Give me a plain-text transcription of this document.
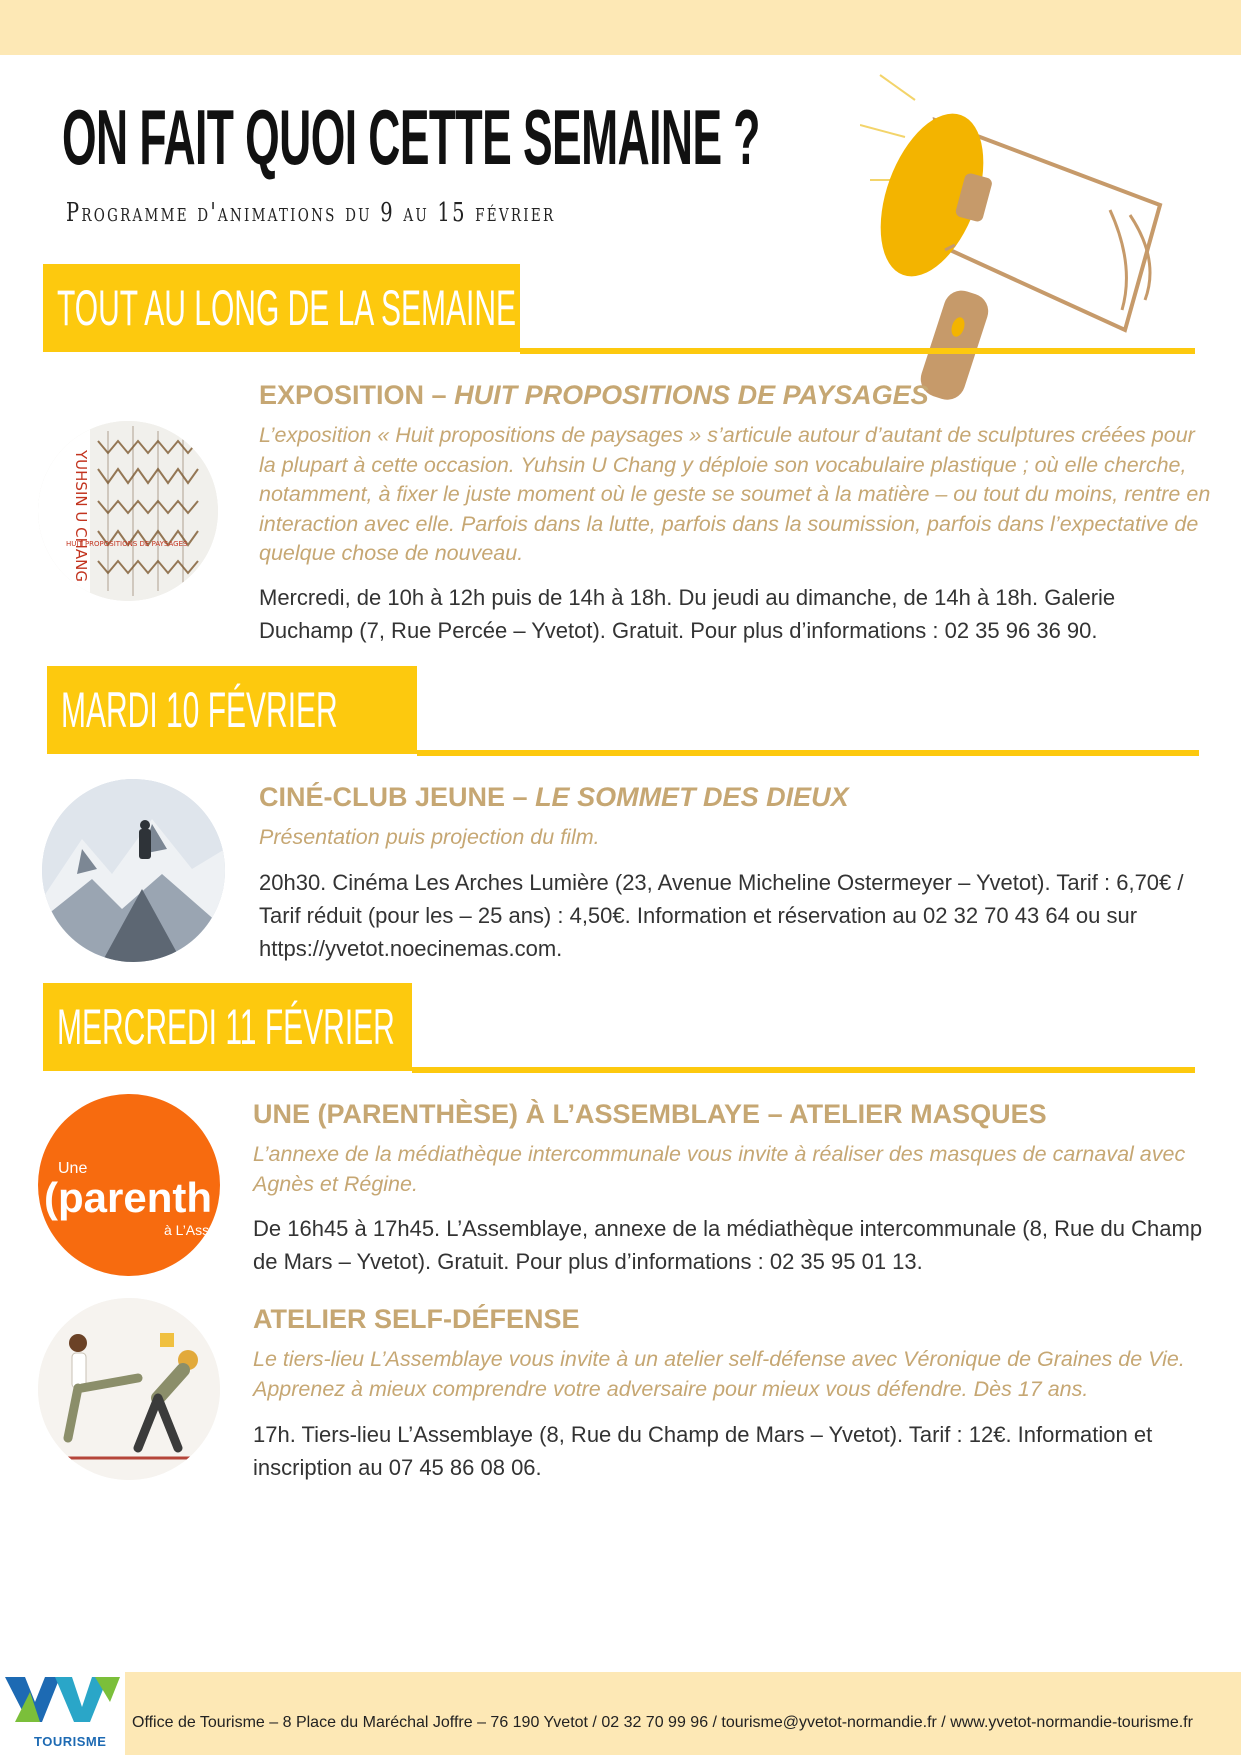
ON FAIT QUOI CETTE SEMAINE ?
Programme d'animations du 9 au 15 février
TOUT AU LONG DE LA SEMAINE
YUHSIN U CHANG
HUIT PROPOSITIONS DE PAYSAGES
EXPOSITION – HUIT PROPOSITIONS DE PAYSAGES
L’exposition « Huit propositions de paysages » s’articule autour d’autant de sculptures créées pour la plupart à cette occasion. Yuhsin U Chang y déploie son vocabulaire plastique ; où elle cherche, notamment, à fixer le juste moment où le geste se soumet à la matière – ou tout du moins, rentre en interaction avec elle. Parfois dans la lutte, parfois dans la soumission, parfois dans l’expectative de quelque chose de nouveau.
Mercredi, de 10h à 12h puis de 14h à 18h. Du jeudi au dimanche, de 14h à 18h. Galerie Duchamp (7, Rue Percée – Yvetot). Gratuit. Pour plus d’informations : 02 35 96 36 90.
MARDI 10 FÉVRIER
CINÉ-CLUB JEUNE – LE SOMMET DES DIEUX
Présentation puis projection du film.
20h30. Cinéma Les Arches Lumière (23, Avenue Micheline Ostermeyer – Yvetot). Tarif : 6,70€ / Tarif réduit (pour les – 25 ans) : 4,50€. Information et réservation au 02 32 70 43 64 ou sur https://yvetot.noecinemas.com.
MERCREDI 11 FÉVRIER
Une
(parenth
à L’Ass
UNE (PARENTHÈSE) À L’ASSEMBLAYE – ATELIER MASQUES
L’annexe de la médiathèque intercommunale vous invite à réaliser des masques de carnaval avec Agnès et Régine.
De 16h45 à 17h45. L’Assemblaye, annexe de la médiathèque intercommunale (8, Rue du Champ de Mars – Yvetot). Gratuit. Pour plus d’informations : 02 35 95 01 13.
ATELIER SELF-DÉFENSE
Le tiers-lieu L’Assemblaye vous invite à un atelier self-défense avec Véronique de Graines de Vie. Apprenez à mieux comprendre votre adversaire pour mieux vous défendre. Dès 17 ans.
17h. Tiers-lieu L’Assemblaye (8, Rue du Champ de Mars – Yvetot). Tarif : 12€. Information et inscription au 07 45 86 08 06.
TOURISME
Office de Tourisme – 8 Place du Maréchal Joffre – 76 190 Yvetot / 02 32 70 99 96 / tourisme@yvetot-normandie.fr / www.yvetot-normandie-tourisme.fr
